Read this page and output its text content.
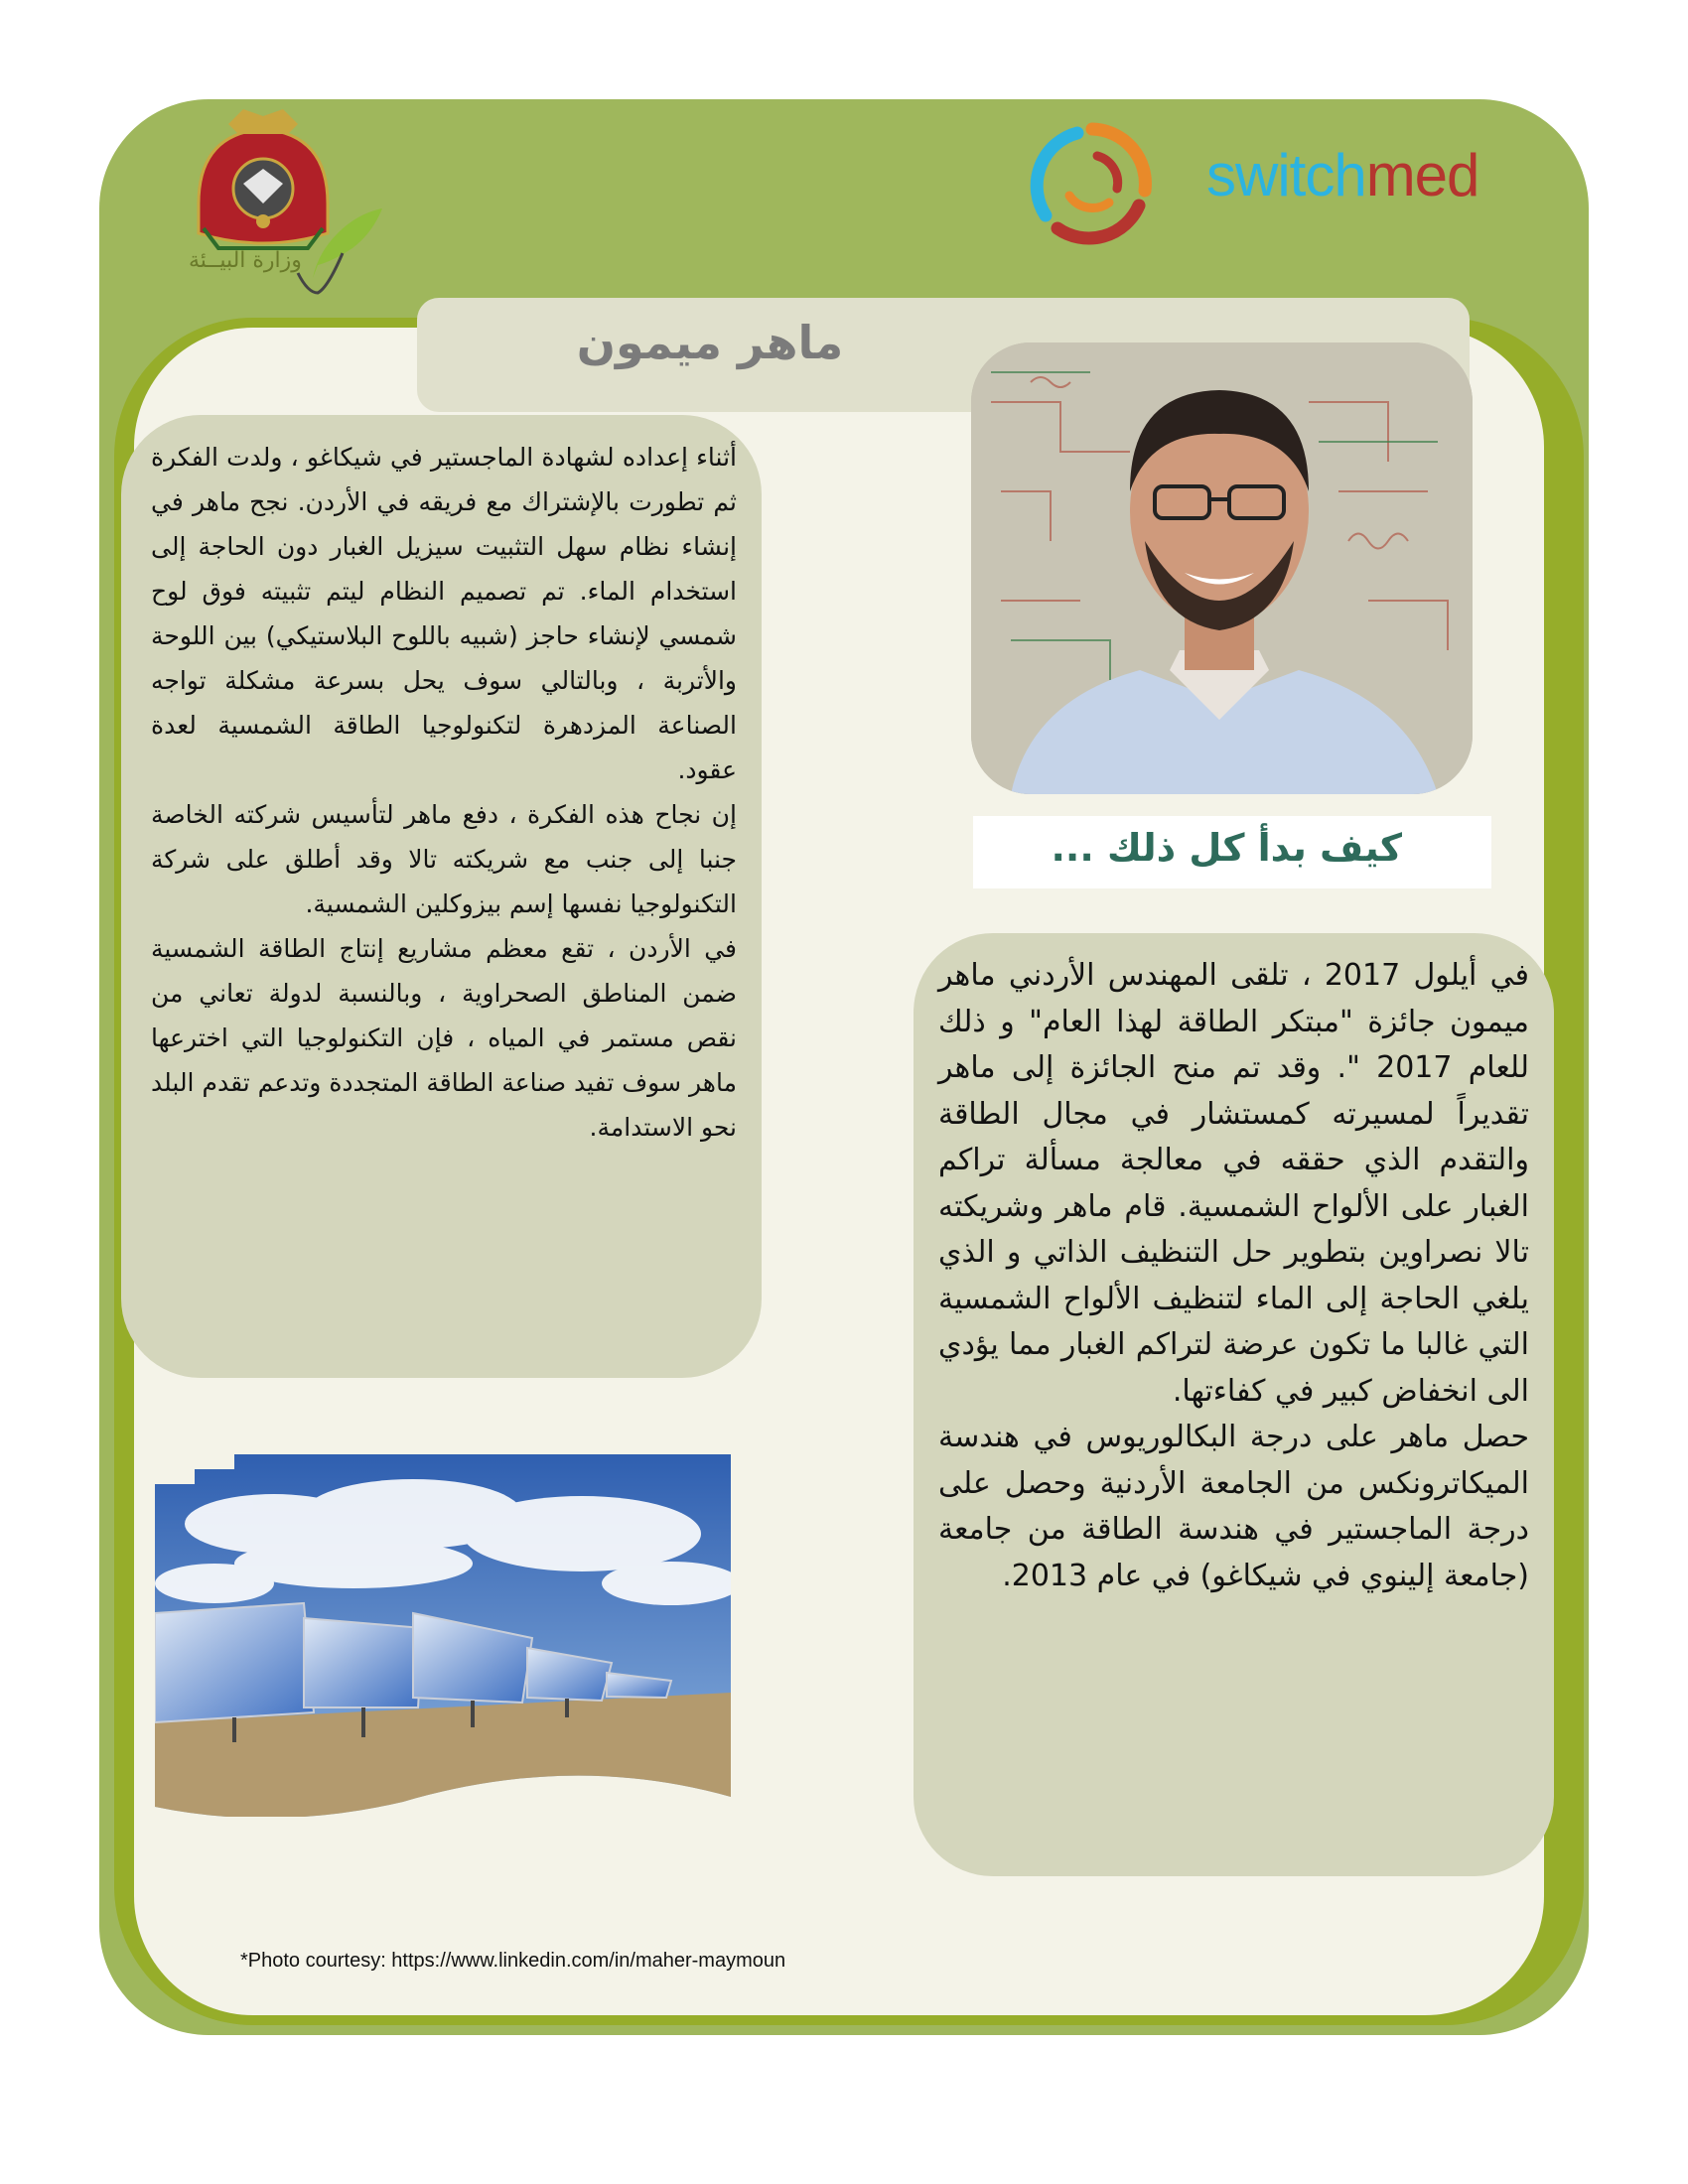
switchmed
وزارة البيــئة
ماهر ميمون

أثناء إعداده لشهادة الماجستير في شيكاغو ، ولدت الفكرة ثم تطورت بالإشتراك مع فريقه في الأردن. نجح ماهر في إنشاء نظام سهل التثبيت سيزيل الغبار دون الحاجة إلى استخدام الماء. تم تصميم النظام ليتم تثبيته فوق لوح شمسي لإنشاء حاجز (شبيه باللوح البلاستيكي) بين اللوحة والأتربة ، وبالتالي سوف يحل بسرعة مشكلة تواجه الصناعة المزدهرة لتكنولوجيا الطاقة الشمسية لعدة عقود.

إن نجاح هذه الفكرة ، دفع ماهر لتأسيس شركته الخاصة جنبا إلى جنب مع شريكته تالا وقد أطلق على شركة التكنولوجيا نفسها إسم بيزوكلين الشمسية.

في الأردن ، تقع معظم مشاريع إنتاج الطاقة الشمسية ضمن المناطق الصحراوية ، وبالنسبة لدولة تعاني من نقص مستمر في المياه ، فإن التكنولوجيا التي اخترعها ماهر سوف تفيد صناعة الطاقة المتجددة وتدعم تقدم البلد نحو الاستدامة.

كيف بدأ كل ذلك ...

في أيلول 2017 ، تلقى المهندس الأردني ماهر ميمون جائزة "مبتكر الطاقة لهذا العام" و ذلك للعام 2017 ". وقد تم منح الجائزة إلى ماهر تقديراً لمسيرته كمستشار في مجال الطاقة والتقدم الذي حققه في معالجة مسألة تراكم الغبار على الألواح الشمسية. قام ماهر وشريكته تالا نصراوين بتطوير حل التنظيف الذاتي و الذي يلغي الحاجة إلى الماء لتنظيف الألواح الشمسية التي غالبا ما تكون عرضة لتراكم الغبار مما يؤدي الى انخفاض كبير في كفاءتها.

حصل ماهر على درجة البكالوريوس في هندسة الميكاترونكس من الجامعة الأردنية وحصل على درجة الماجستير في هندسة الطاقة من جامعة (جامعة إلينوي في شيكاغو) في عام 2013.

*Photo courtesy: https://www.linkedin.com/in/maher-maymoun
